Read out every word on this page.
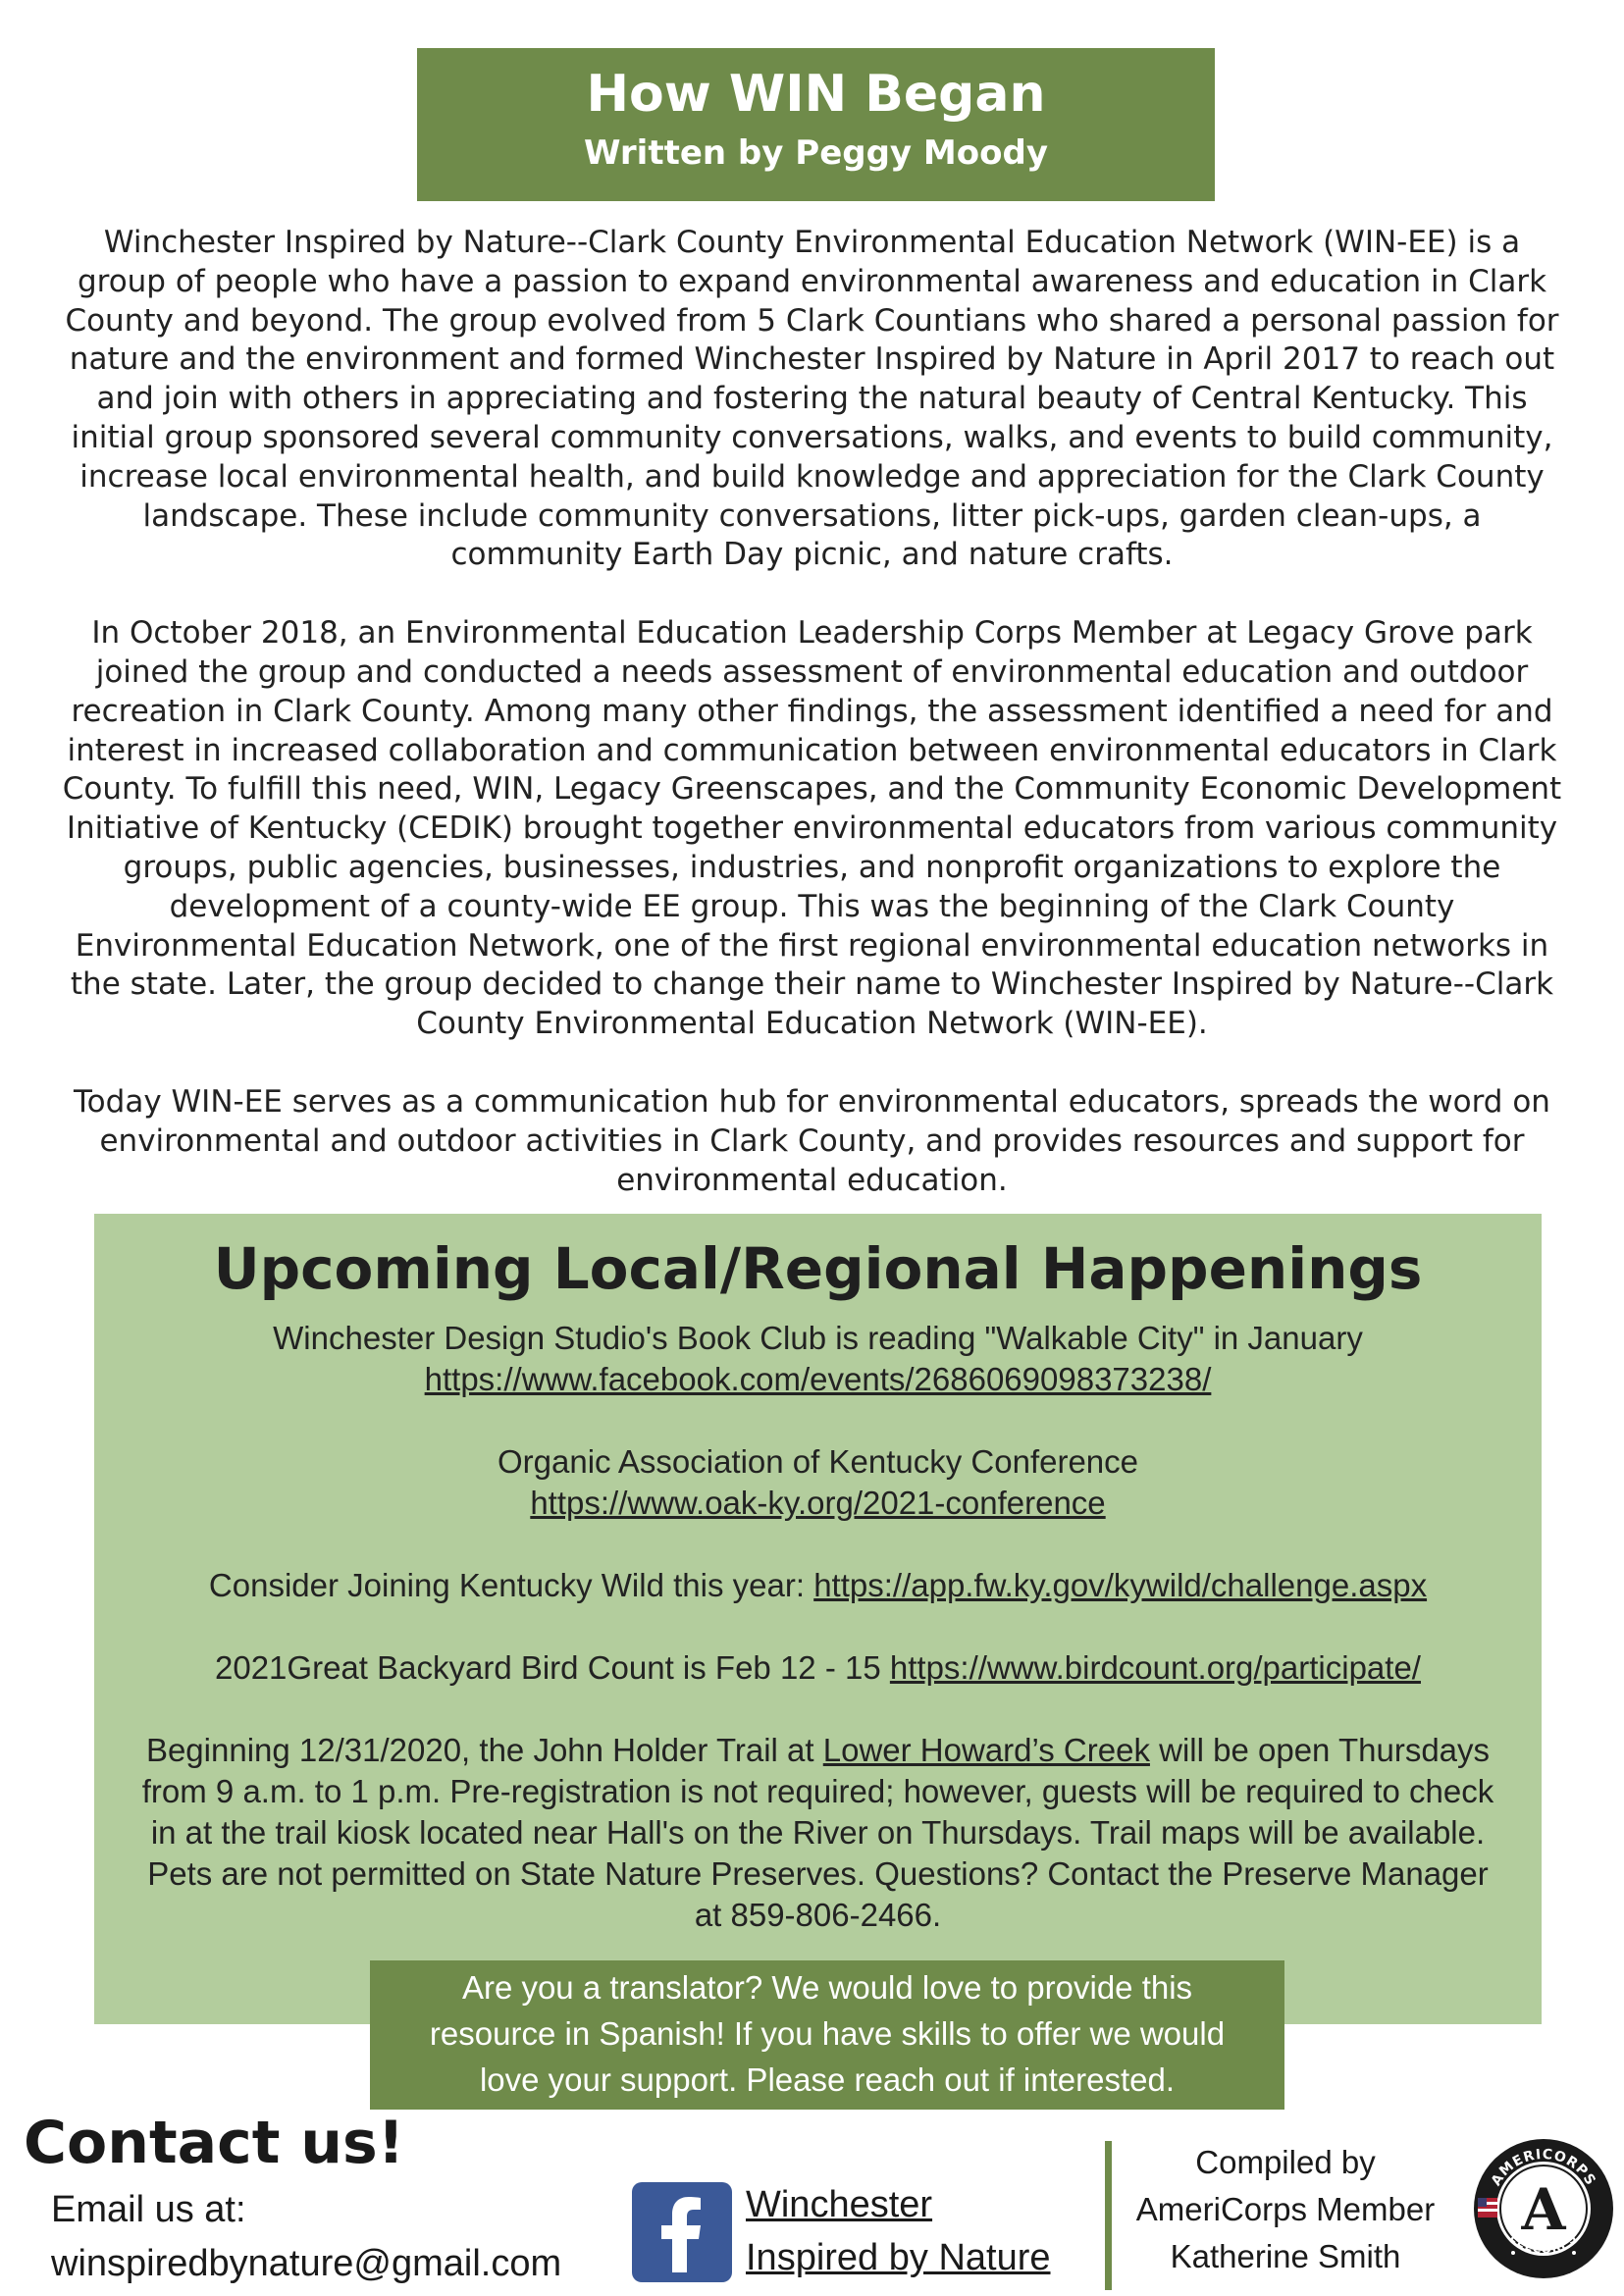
How WIN Began
Written by Peggy Moody

Winchester Inspired by Nature--Clark County Environmental Education Network (WIN-EE) is a group of people who have a passion to expand environmental awareness and education in Clark County and beyond. The group evolved from 5 Clark Countians who shared a personal passion for nature and the environment and formed Winchester Inspired by Nature in April 2017 to reach out and join with others in appreciating and fostering the natural beauty of Central Kentucky. This initial group sponsored several community conversations, walks, and events to build community, increase local environmental health, and build knowledge and appreciation for the Clark County landscape. These include community conversations, litter pick-ups, garden clean-ups, a community Earth Day picnic, and nature crafts.

In October 2018, an Environmental Education Leadership Corps Member at Legacy Grove park joined the group and conducted a needs assessment of environmental education and outdoor recreation in Clark County. Among many other findings, the assessment identified a need for and interest in increased collaboration and communication between environmental educators in Clark County. To fulfill this need, WIN, Legacy Greenscapes, and the Community Economic Development Initiative of Kentucky (CEDIK) brought together environmental educators from various community groups, public agencies, businesses, industries, and nonprofit organizations to explore the development of a county-wide EE group. This was the beginning of the Clark County Environmental Education Network, one of the first regional environmental education networks in the state. Later, the group decided to change their name to Winchester Inspired by Nature--Clark County Environmental Education Network (WIN-EE).

Today WIN-EE serves as a communication hub for environmental educators, spreads the word on environmental and outdoor activities in Clark County, and provides resources and support for environmental education.

Upcoming Local/Regional Happenings
Winchester Design Studio's Book Club is reading "Walkable City" in January
https://www.facebook.com/events/2686069098373238/
Organic Association of Kentucky Conference
https://www.oak-ky.org/2021-conference
Consider Joining Kentucky Wild this year: https://app.fw.ky.gov/kywild/challenge.aspx
2021Great Backyard Bird Count is Feb 12 - 15 https://www.birdcount.org/participate/
Beginning 12/31/2020, the John Holder Trail at Lower Howard’s Creek will be open Thursdays from 9 a.m. to 1 p.m. Pre-registration is not required; however, guests will be required to check in at the trail kiosk located near Hall's on the River on Thursdays. Trail maps will be available. Pets are not permitted on State Nature Preserves. Questions? Contact the Preserve Manager at 859-806-2466.
Are you a translator? We would love to provide this resource in Spanish! If you have skills to offer we would love your support. Please reach out if interested.
Contact us!
Email us at:
winspiredbynature@gmail.com
Winchester
Inspired by Nature
Compiled by
AmeriCorps Member
Katherine Smith
AMERICORPS
EELCORPS
A
